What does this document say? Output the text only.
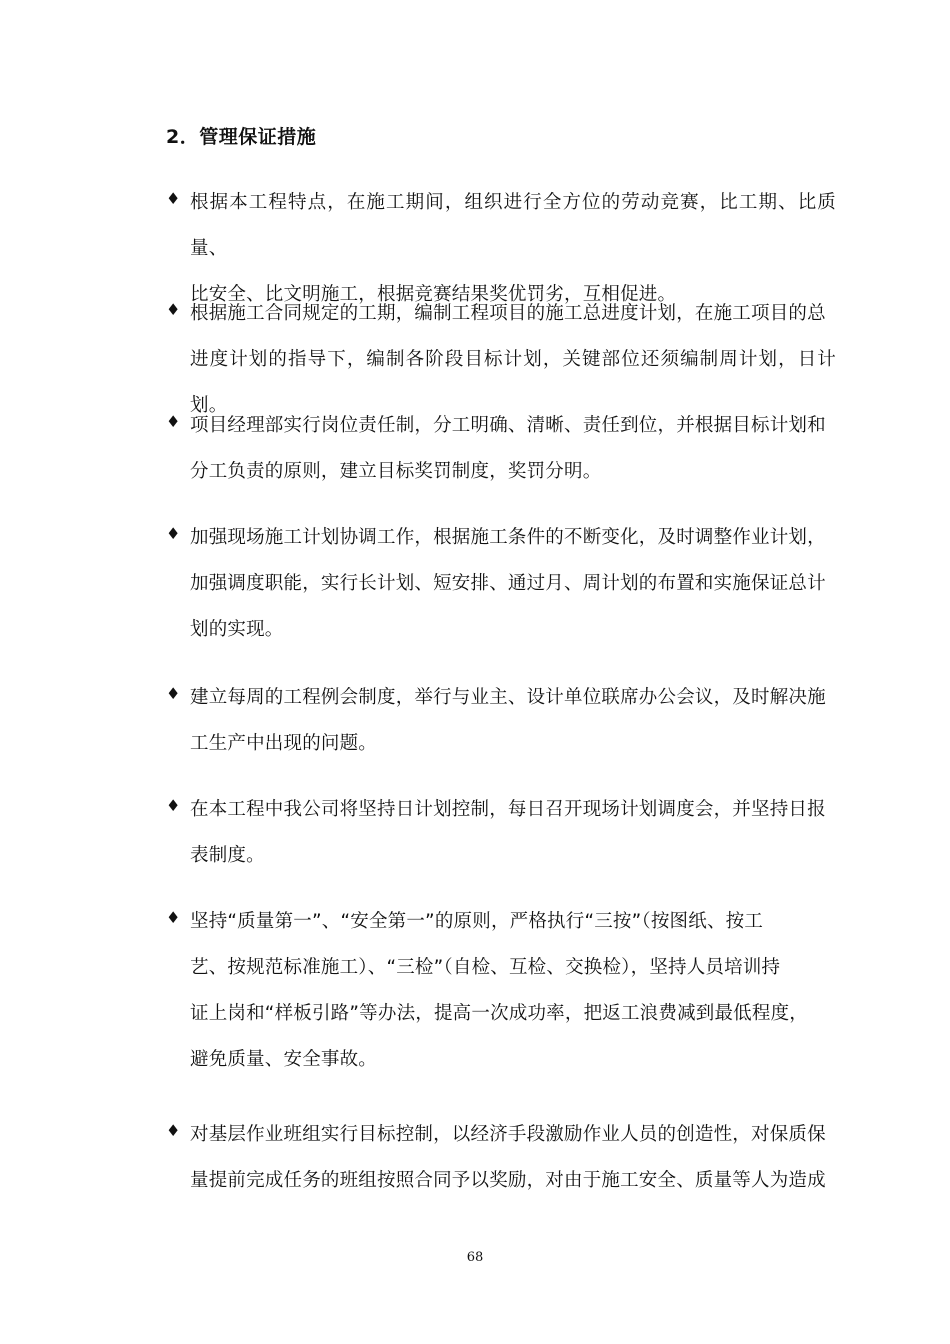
2．管理保证措施
♦ 根据本工程特点，在施工期间，组织进行全方位的劳动竞赛，比工期、比质量、
比安全、比文明施工，根据竞赛结果奖优罚劣，互相促进。
♦ 根据施工合同规定的工期，编制工程项目的施工总进度计划，在施工项目的总
进度计划的指导下，编制各阶段目标计划，关键部位还须编制周计划，日计划。
♦ 项目经理部实行岗位责任制，分工明确、清晰、责任到位，并根据目标计划和
分工负责的原则，建立目标奖罚制度，奖罚分明。
♦ 加强现场施工计划协调工作，根据施工条件的不断变化，及时调整作业计划，
加强调度职能，实行长计划、短安排、通过月、周计划的布置和实施保证总计
划的实现。
♦ 建立每周的工程例会制度，举行与业主、设计单位联席办公会议，及时解决施
工生产中出现的问题。
♦ 在本工程中我公司将坚持日计划控制，每日召开现场计划调度会，并坚持日报
表制度。
♦ 坚持“质量第一”、“安全第一”的原则，严格执行“三按”（按图纸、按工
艺、按规范标准施工）、“三检”（自检、互检、交换检），坚持人员培训持
证上岗和“样板引路”等办法，提高一次成功率，把返工浪费减到最低程度，
避免质量、安全事故。
♦ 对基层作业班组实行目标控制，以经济手段激励作业人员的创造性，对保质保
量提前完成任务的班组按照合同予以奖励，对由于施工安全、质量等人为造成
68
